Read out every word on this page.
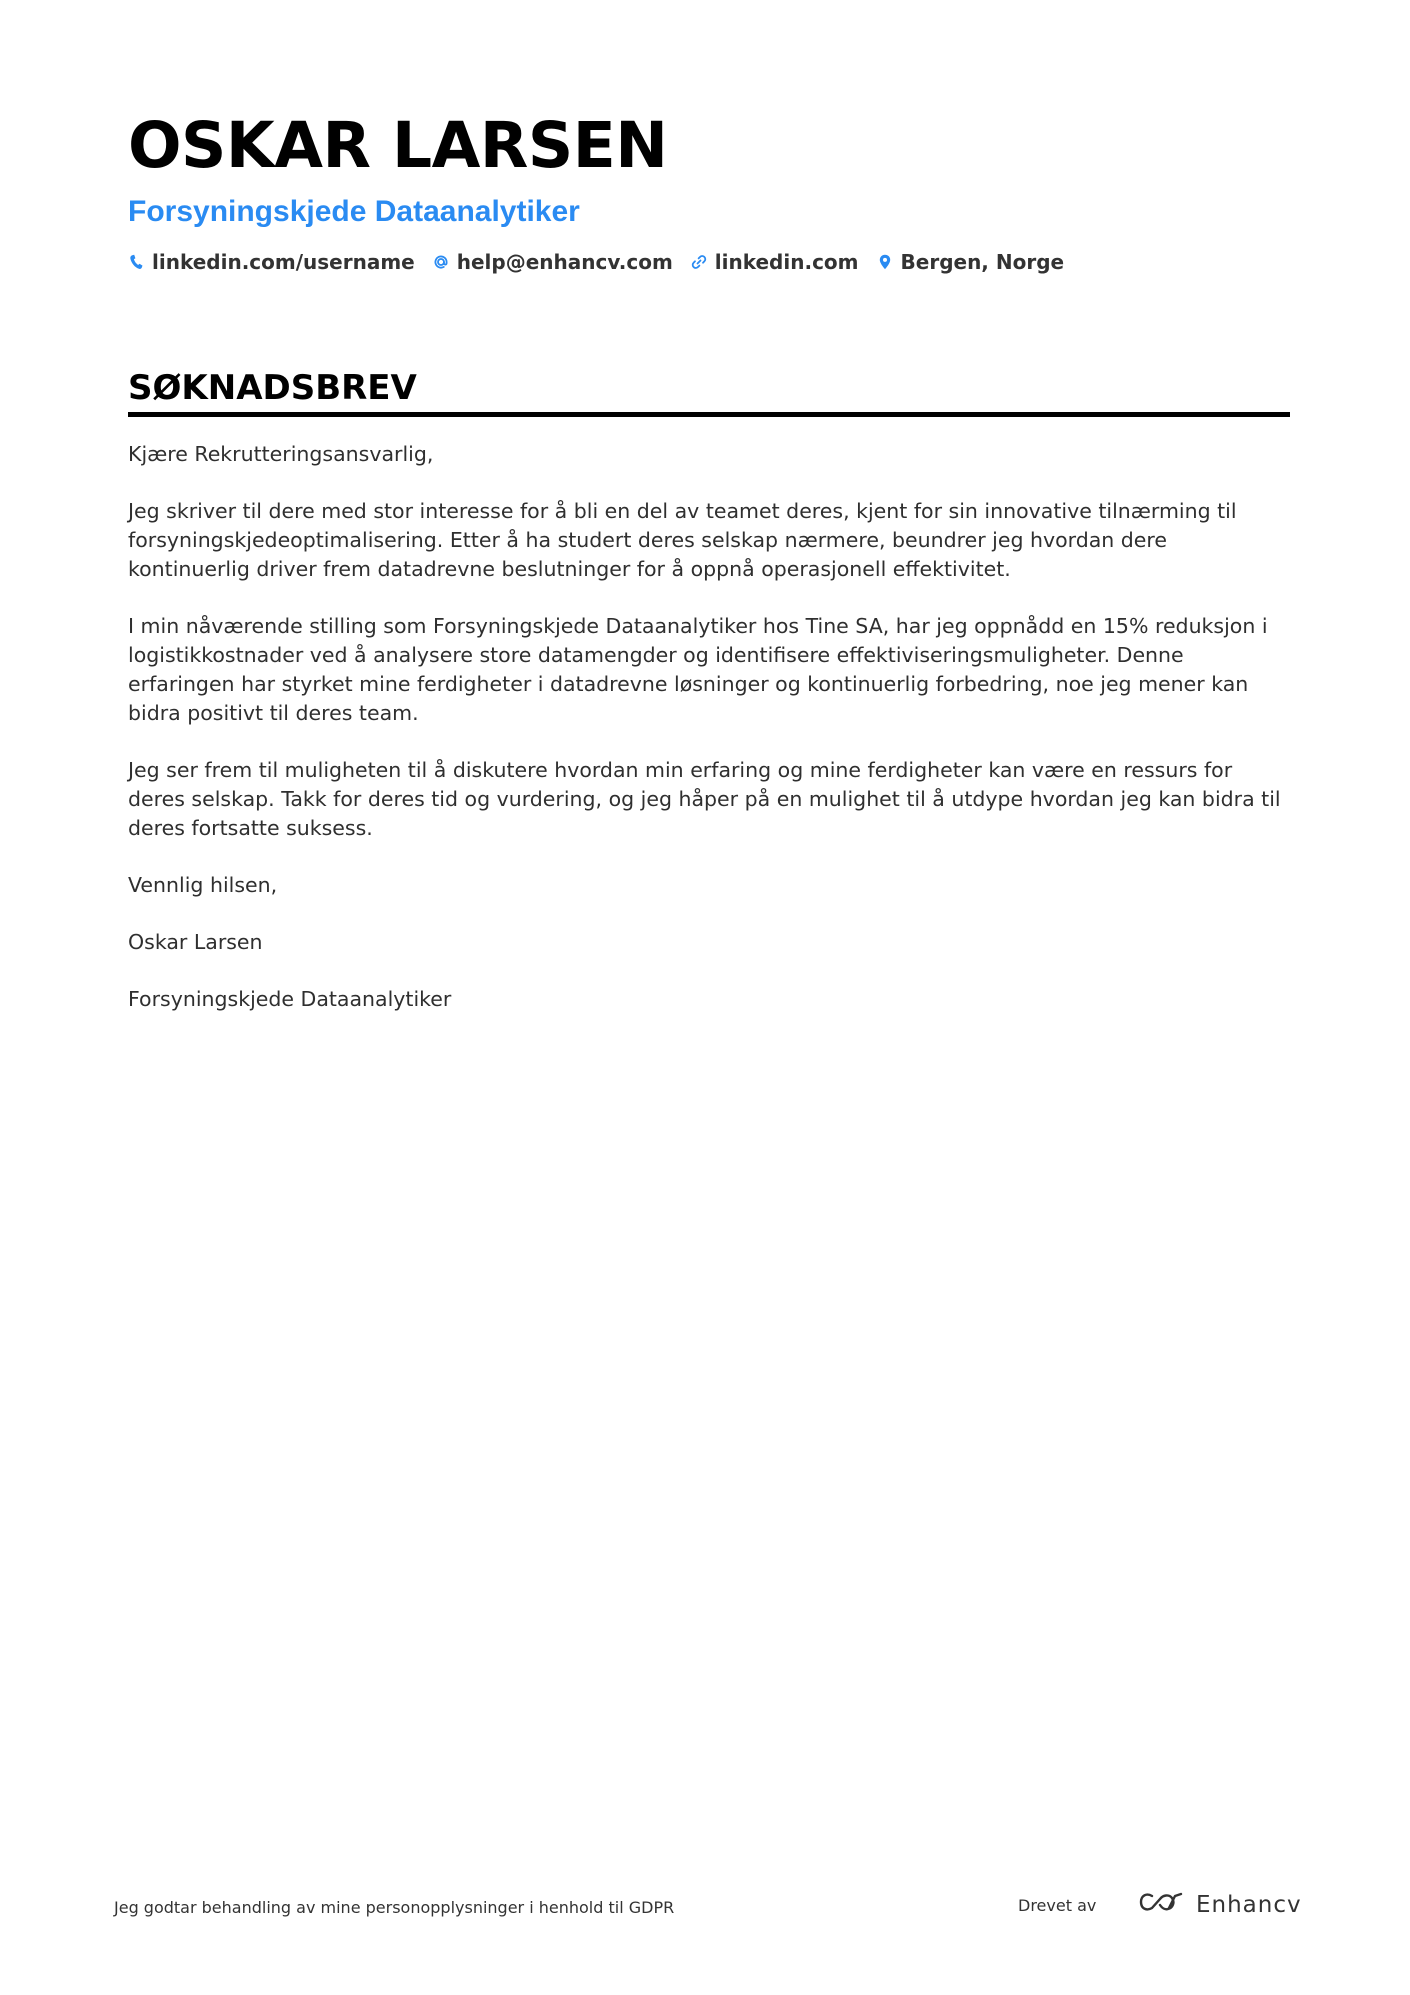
OSKAR LARSEN
Forsyningskjede Dataanalytiker
linkedin.com/username help@enhancv.com linkedin.com Bergen, Norge
SØKNADSBREV

Kjære Rekrutteringsansvarlig,

Jeg skriver til dere med stor interesse for å bli en del av teamet deres, kjent for sin innovative tilnærming til forsyningskjedeoptimalisering. Etter å ha studert deres selskap nærmere, beundrer jeg hvordan dere kontinuerlig driver frem datadrevne beslutninger for å oppnå operasjonell effektivitet.

I min nåværende stilling som Forsyningskjede Dataanalytiker hos Tine SA, har jeg oppnådd en 15% reduksjon i logistikkostnader ved å analysere store datamengder og identifisere effektiviseringsmuligheter. Denne erfaringen har styrket mine ferdigheter i datadrevne løsninger og kontinuerlig forbedring, noe jeg mener kan bidra positivt til deres team.

Jeg ser frem til muligheten til å diskutere hvordan min erfaring og mine ferdigheter kan være en ressurs for deres selskap. Takk for deres tid og vurdering, og jeg håper på en mulighet til å utdype hvordan jeg kan bidra til deres fortsatte suksess.

Vennlig hilsen,

Oskar Larsen

Forsyningskjede Dataanalytiker

Jeg godtar behandling av mine personopplysninger i henhold til GDPR	Drevet av	Enhancv
